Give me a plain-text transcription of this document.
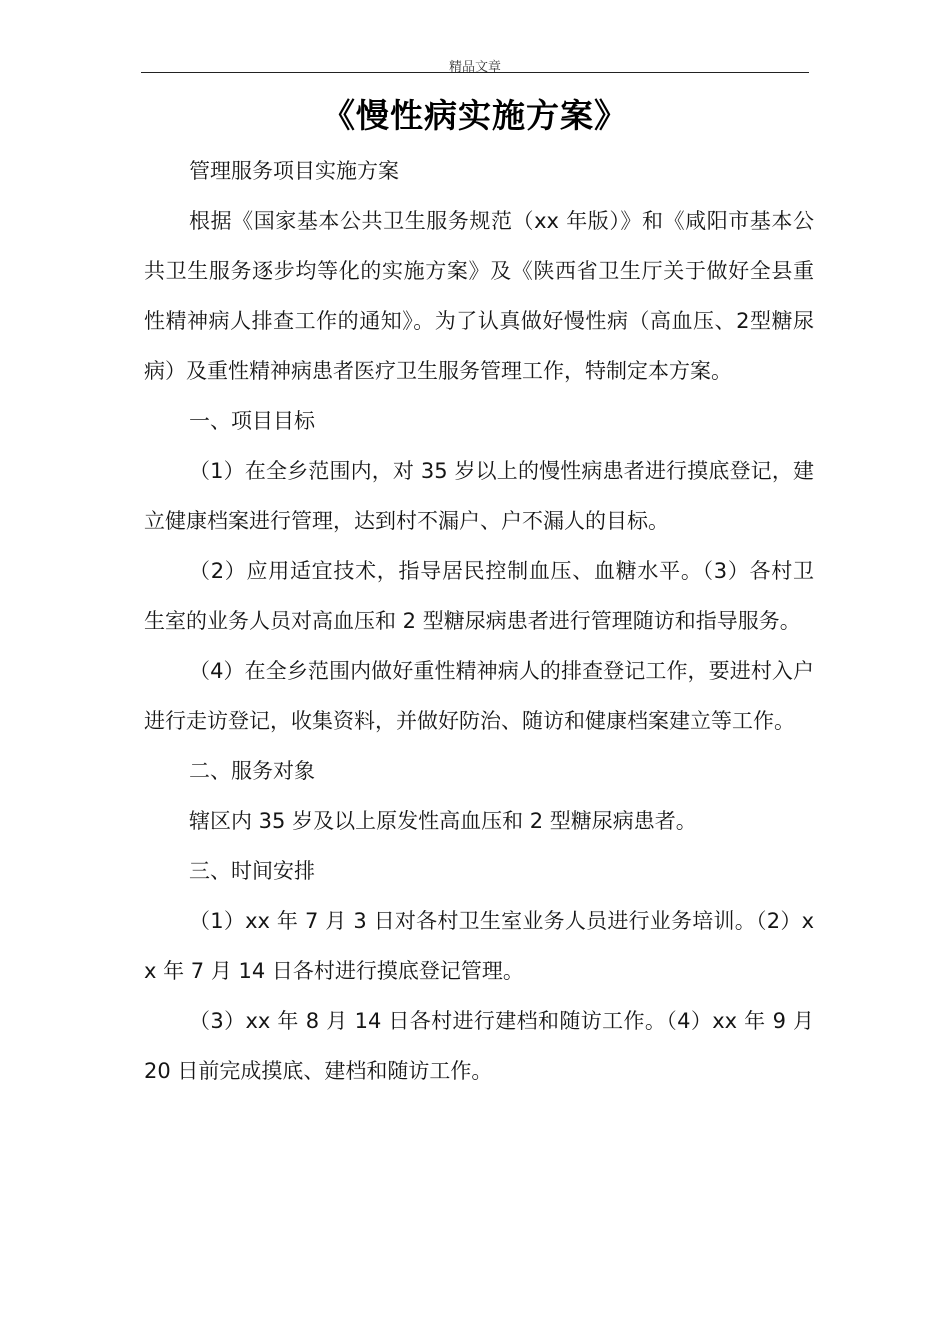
精品文章
《慢性病实施方案》

管理服务项目实施方案

根据《国家基本公共卫生服务规范（xx 年版）》和《咸阳市基本公共卫生服务逐步均等化的实施方案》及《陕西省卫生厅关于做好全县重性精神病人排查工作的通知》。为了认真做好慢性病（高血压、2型糖尿病）及重性精神病患者医疗卫生服务管理工作，特制定本方案。

一、项目目标

（1）在全乡范围内，对 35 岁以上的慢性病患者进行摸底登记，建立健康档案进行管理，达到村不漏户、户不漏人的目标。

（2）应用适宜技术，指导居民控制血压、血糖水平。（3）各村卫生室的业务人员对高血压和 2 型糖尿病患者进行管理随访和指导服务。

（4）在全乡范围内做好重性精神病人的排查登记工作，要进村入户进行走访登记，收集资料，并做好防治、随访和健康档案建立等工作。

二、服务对象

辖区内 35 岁及以上原发性高血压和 2 型糖尿病患者。

三、时间安排

（1）xx 年 7 月 3 日对各村卫生室业务人员进行业务培训。（2）xx 年 7 月 14 日各村进行摸底登记管理。

（3）xx 年 8 月 14 日各村进行建档和随访工作。（4）xx 年 9 月 20 日前完成摸底、建档和随访工作。
